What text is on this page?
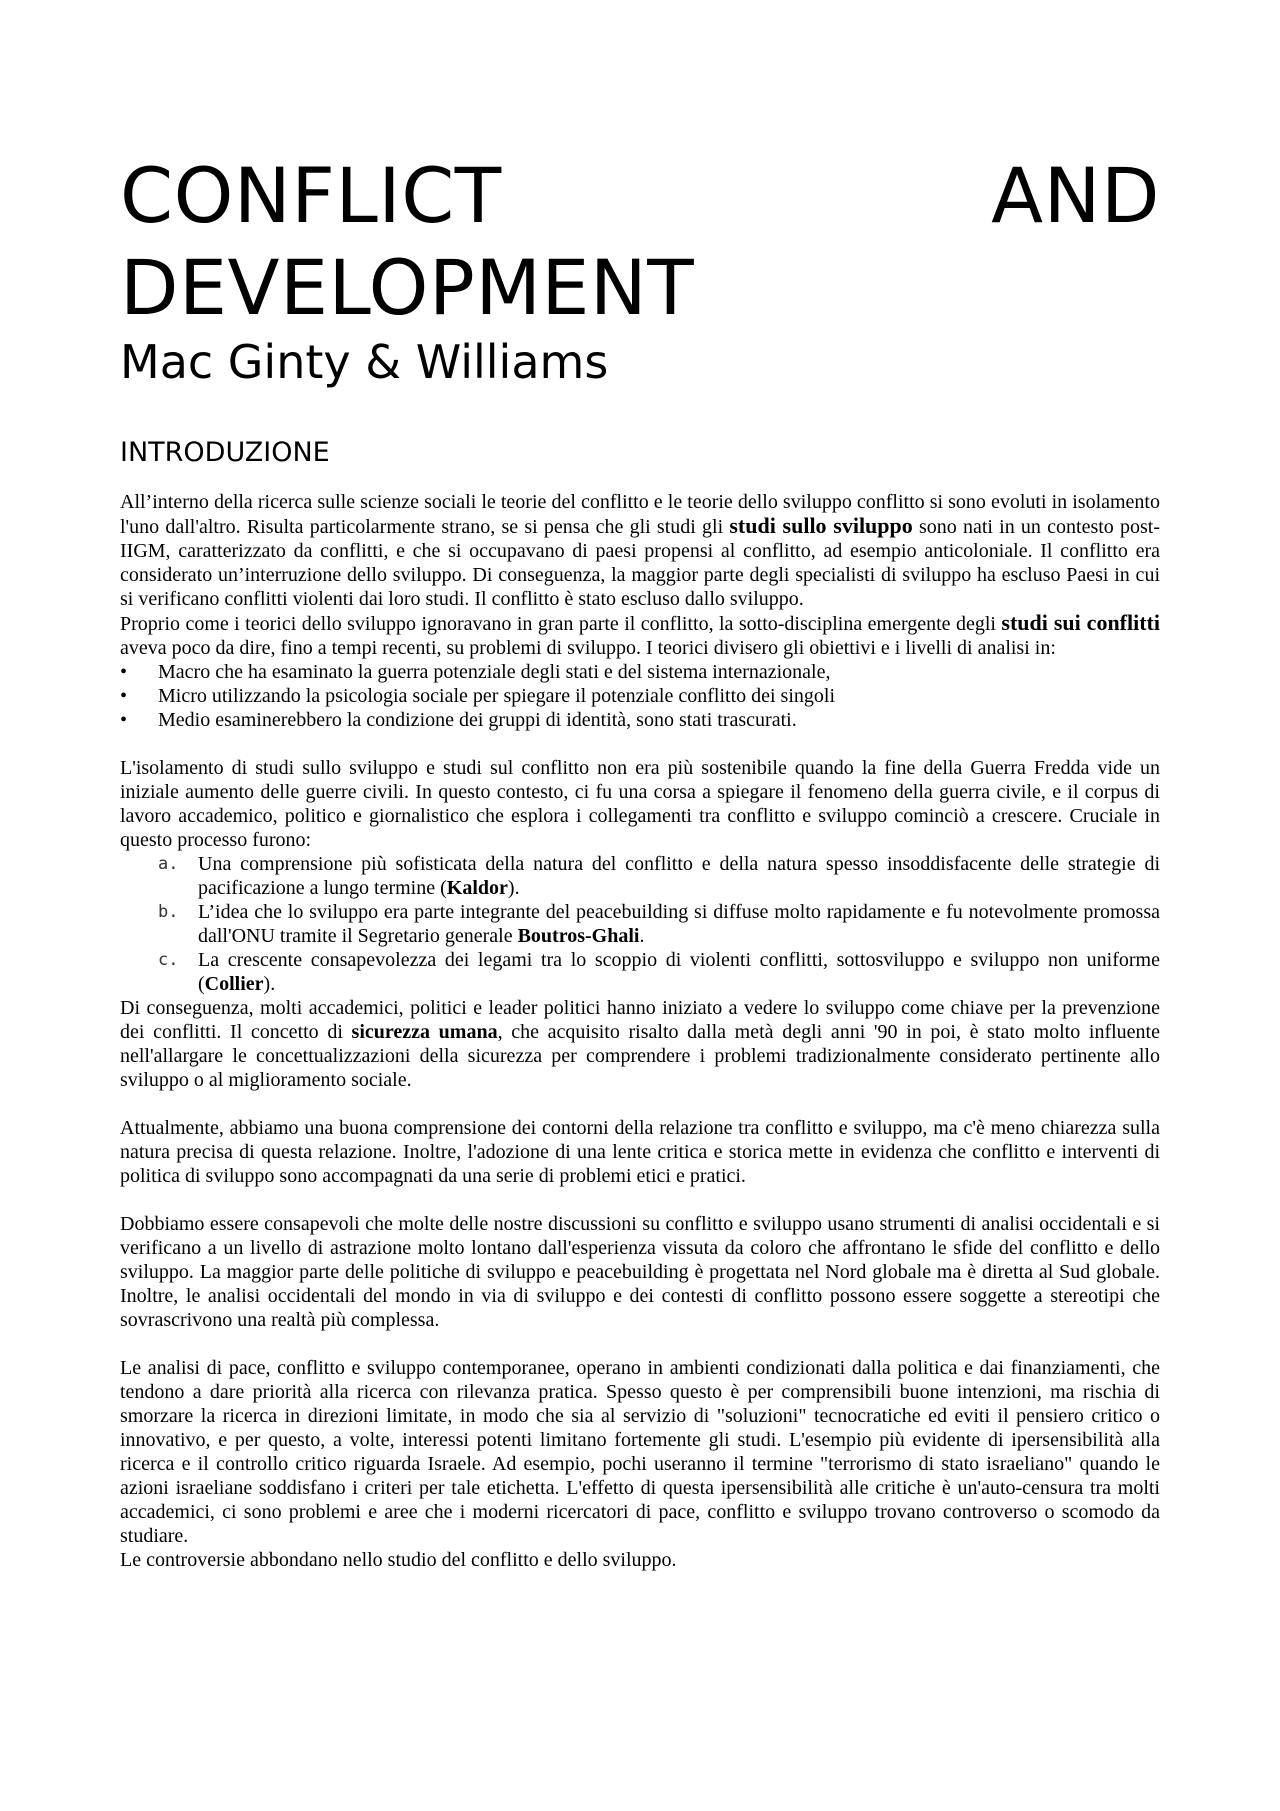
CONFLICT	AND
DEVELOPMENT

Mac Ginty & Williams

INTRODUZIONE

All’interno della ricerca sulle scienze sociali le teorie del conflitto e le teorie dello sviluppo conflitto si sono evoluti in isolamento l'uno dall'altro. Risulta particolarmente strano, se si pensa che gli studi gli studi sullo sviluppo sono nati in un contesto post-IIGM, caratterizzato da conflitti, e che si occupavano di paesi propensi al conflitto, ad esempio anticoloniale. Il conflitto era considerato un’interruzione dello sviluppo. Di conseguenza, la maggior parte degli specialisti di sviluppo ha escluso Paesi in cui si verificano conflitti violenti dai loro studi. Il conflitto è stato escluso dallo sviluppo.

Proprio come i teorici dello sviluppo ignoravano in gran parte il conflitto, la sotto-disciplina emergente degli studi sui conflitti aveva poco da dire, fino a tempi recenti, su problemi di sviluppo. I teorici divisero gli obiettivi e i livelli di analisi in:

• Macro che ha esaminato la guerra potenziale degli stati e del sistema internazionale,
• Micro utilizzando la psicologia sociale per spiegare il potenziale conflitto dei singoli
• Medio esaminerebbero la condizione dei gruppi di identità, sono stati trascurati.

L'isolamento di studi sullo sviluppo e studi sul conflitto non era più sostenibile quando la fine della Guerra Fredda vide un iniziale aumento delle guerre civili. In questo contesto, ci fu una corsa a spiegare il fenomeno della guerra civile, e il corpus di lavoro accademico, politico e giornalistico che esplora i collegamenti tra conflitto e sviluppo cominciò a crescere. Cruciale in questo processo furono:

a. Una comprensione più sofisticata della natura del conflitto e della natura spesso insoddisfacente delle strategie di pacificazione a lungo termine (Kaldor).
b. L’idea che lo sviluppo era parte integrante del peacebuilding si diffuse molto rapidamente e fu notevolmente promossa dall'ONU tramite il Segretario generale Boutros-Ghali.
c. La crescente consapevolezza dei legami tra lo scoppio di violenti conflitti, sottosviluppo e sviluppo non uniforme (Collier).

Di conseguenza, molti accademici, politici e leader politici hanno iniziato a vedere lo sviluppo come chiave per la prevenzione dei conflitti. Il concetto di sicurezza umana, che acquisito risalto dalla metà degli anni '90 in poi, è stato molto influente nell'allargare le concettualizzazioni della sicurezza per comprendere i problemi tradizionalmente considerato pertinente allo sviluppo o al miglioramento sociale.

Attualmente, abbiamo una buona comprensione dei contorni della relazione tra conflitto e sviluppo, ma c'è meno chiarezza sulla natura precisa di questa relazione. Inoltre, l'adozione di una lente critica e storica mette in evidenza che conflitto e interventi di politica di sviluppo sono accompagnati da una serie di problemi etici e pratici.

Dobbiamo essere consapevoli che molte delle nostre discussioni su conflitto e sviluppo usano strumenti di analisi occidentali e si verificano a un livello di astrazione molto lontano dall'esperienza vissuta da coloro che affrontano le sfide del conflitto e dello sviluppo. La maggior parte delle politiche di sviluppo e peacebuilding è progettata nel Nord globale ma è diretta al Sud globale. Inoltre, le analisi occidentali del mondo in via di sviluppo e dei contesti di conflitto possono essere soggette a stereotipi che sovrascrivono una realtà più complessa.

Le analisi di pace, conflitto e sviluppo contemporanee, operano in ambienti condizionati dalla politica e dai finanziamenti, che tendono a dare priorità alla ricerca con rilevanza pratica. Spesso questo è per comprensibili buone intenzioni, ma rischia di smorzare la ricerca in direzioni limitate, in modo che sia al servizio di "soluzioni" tecnocratiche ed eviti il pensiero critico o innovativo, e per questo, a volte, interessi potenti limitano fortemente gli studi. L'esempio più evidente di ipersensibilità alla ricerca e il controllo critico riguarda Israele. Ad esempio, pochi useranno il termine "terrorismo di stato israeliano" quando le azioni israeliane soddisfano i criteri per tale etichetta. L'effetto di questa ipersensibilità alle critiche è un'auto-censura tra molti accademici, ci sono problemi e aree che i moderni ricercatori di pace, conflitto e sviluppo trovano controverso o scomodo da studiare.

Le controversie abbondano nello studio del conflitto e dello sviluppo.
